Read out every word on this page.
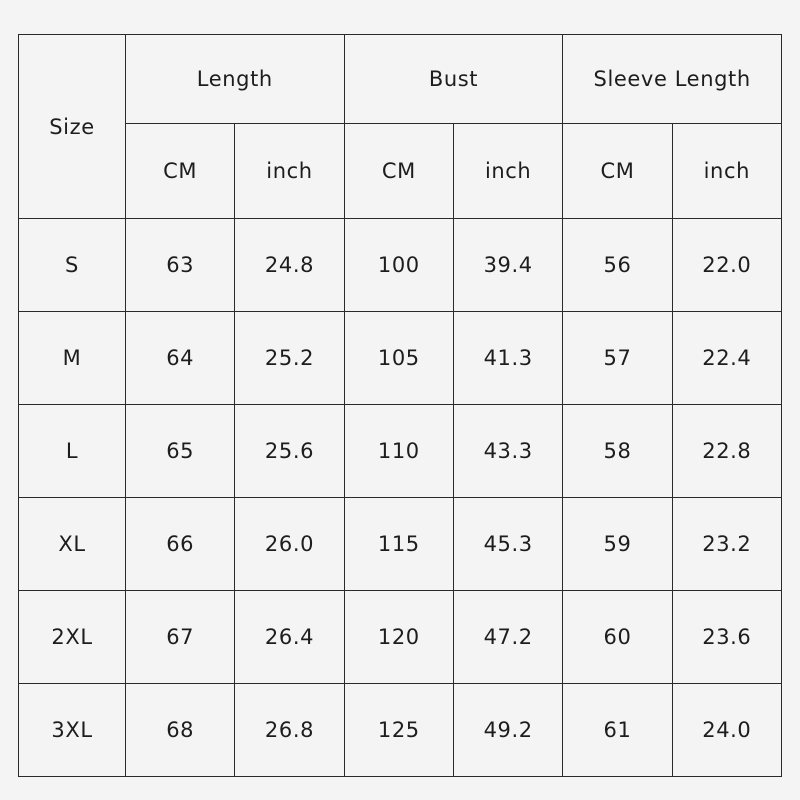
Size	Length		Bust		Sleeve Length	
	CM	inch	CM	inch	CM	inch
S	63	24.8	100	39.4	56	22.0
M	64	25.2	105	41.3	57	22.4
L	65	25.6	110	43.3	58	22.8
XL	66	26.0	115	45.3	59	23.2
2XL	67	26.4	120	47.2	60	23.6
3XL	68	26.8	125	49.2	61	24.0
